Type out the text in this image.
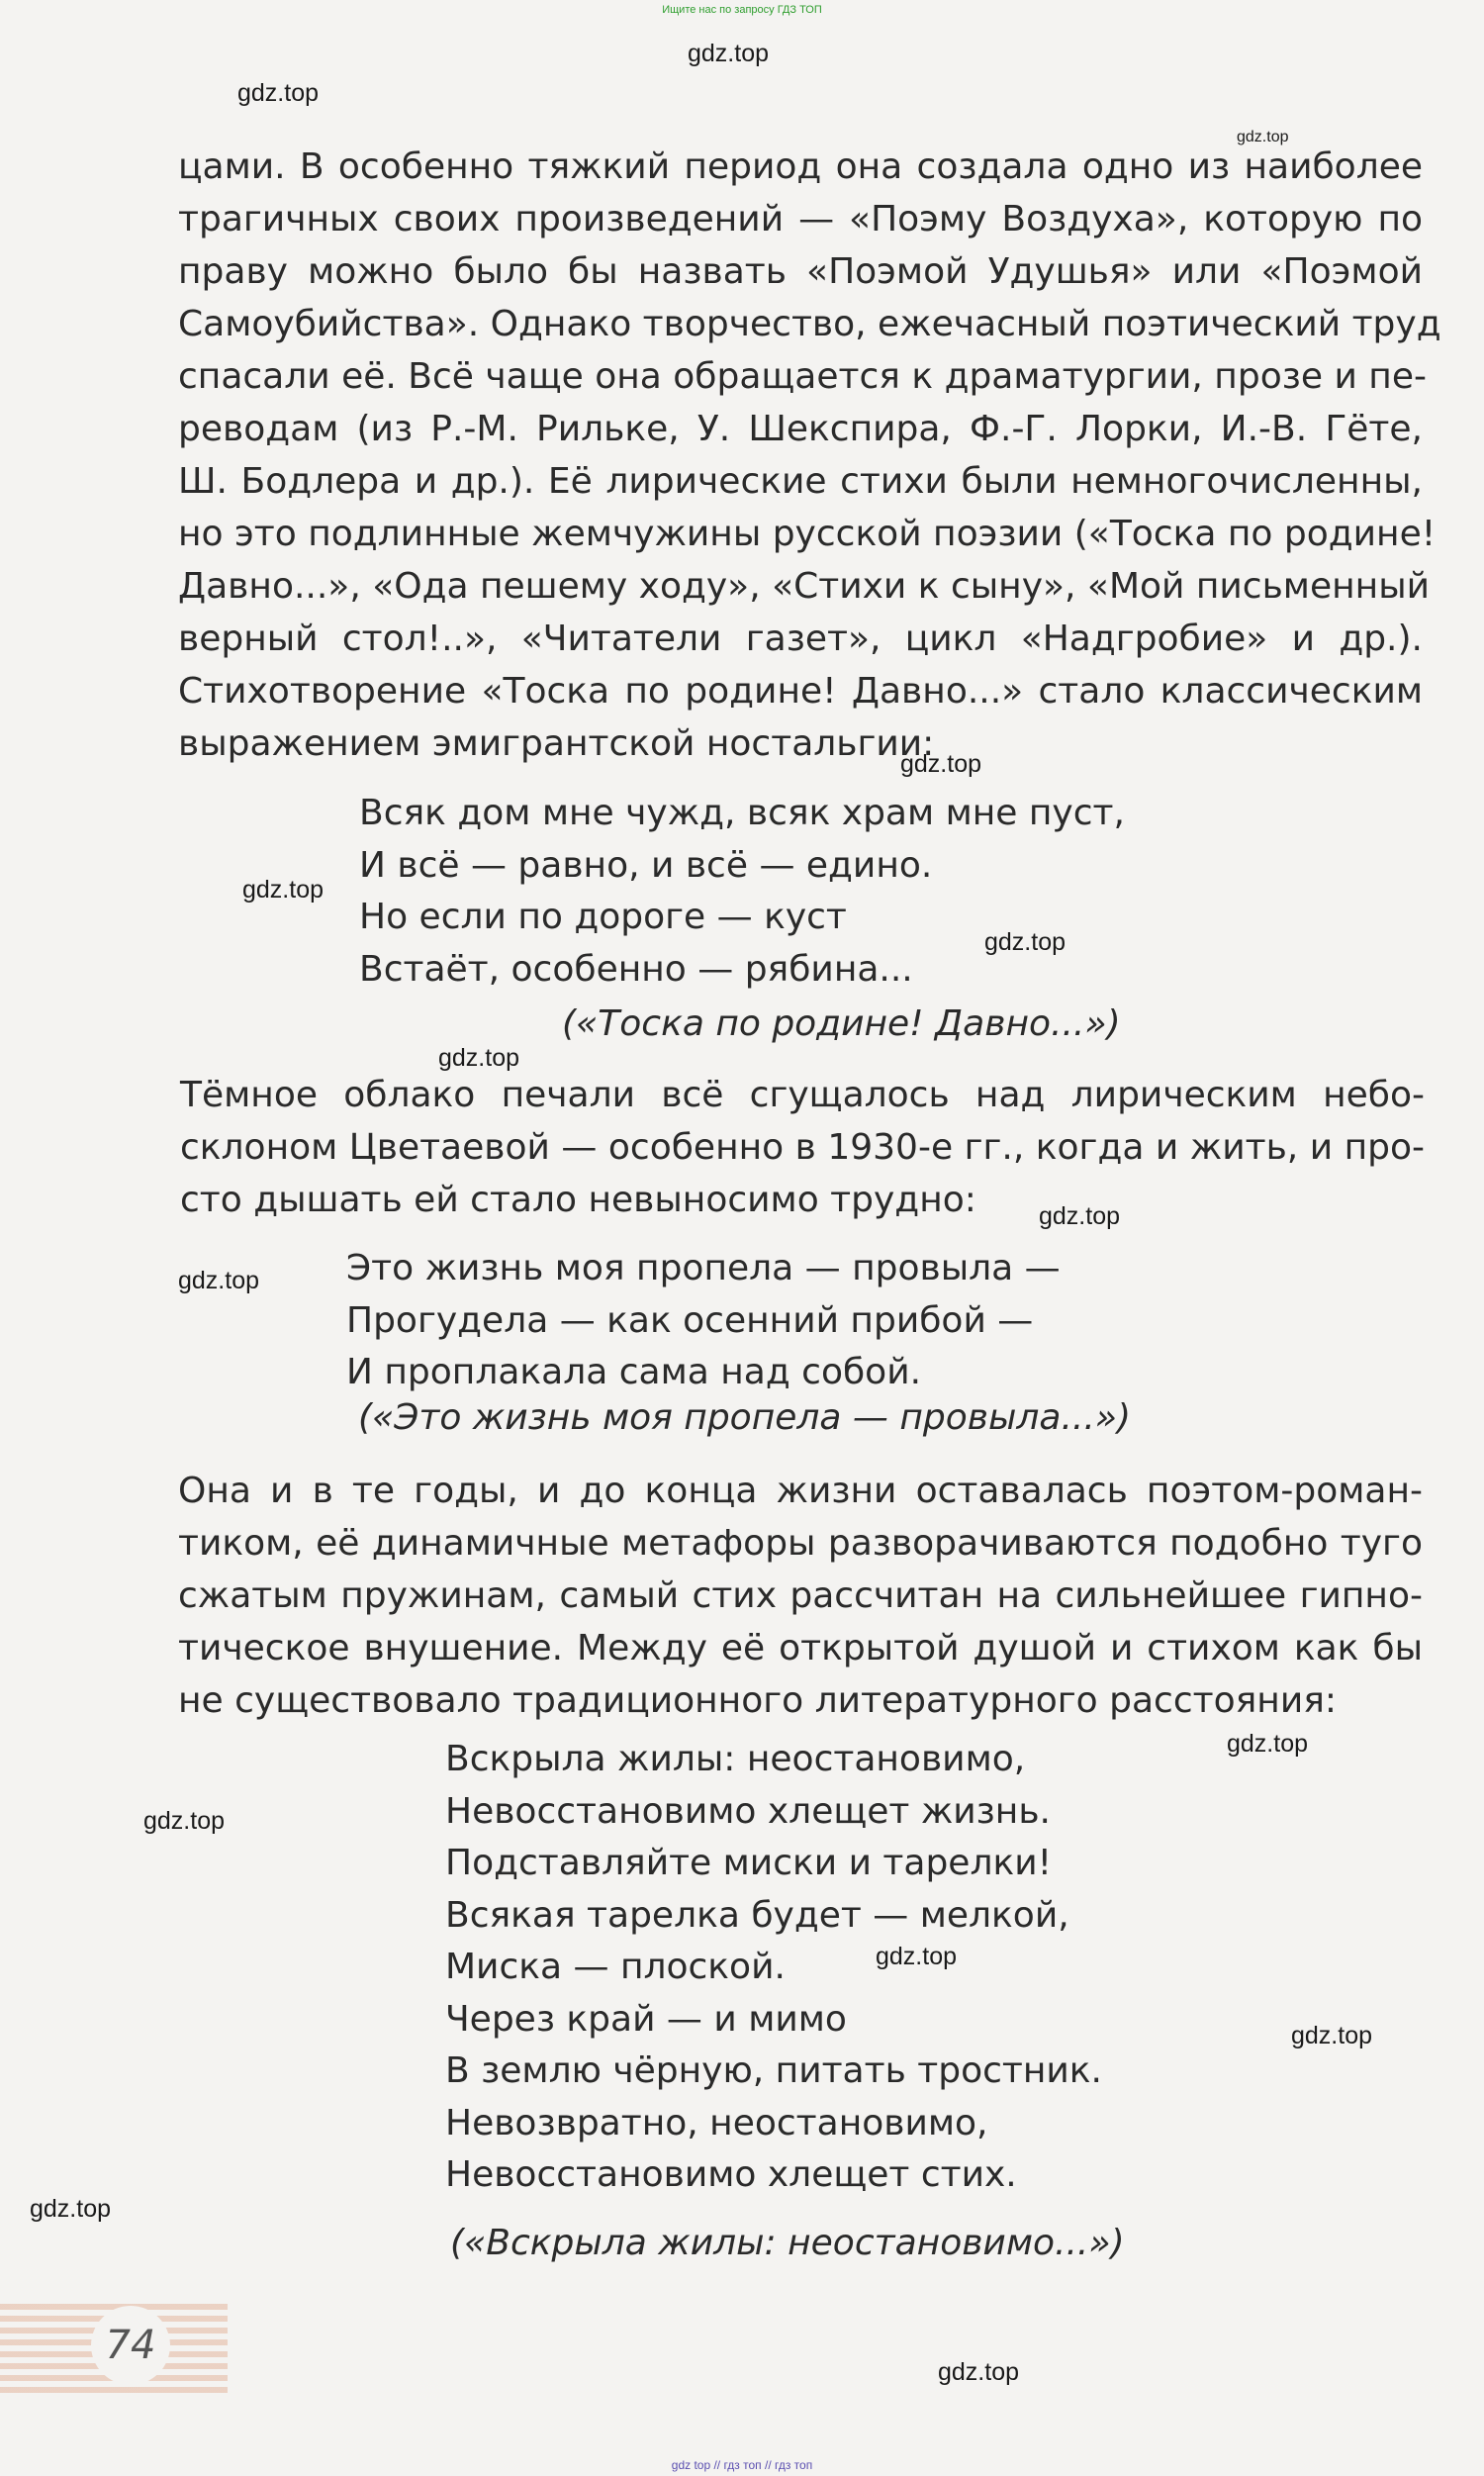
Ищите нас по запросу ГДЗ ТОП
gdz.top
gdz.top
gdz.top
gdz.top
gdz.top
gdz.top
gdz.top
gdz.top
gdz.top
gdz.top
gdz.top
gdz.top
gdz.top
gdz.top
gdz.top
цами. В особенно тяжкий период она создала одно из наиболее
трагичных своих произведений — «Поэму Воздуха», которую по
праву можно было бы назвать «Поэмой Удушья» или «Поэмой
Самоубийства». Однако творчество, ежечасный поэтический труд
спасали её. Всё чаще она обращается к драматургии, прозе и пе-
реводам (из Р.-М. Рильке, У. Шекспира, Ф.-Г. Лорки, И.-В. Гёте,
Ш. Бодлера и др.). Её лирические стихи были немногочисленны,
но это подлинные жемчужины русской поэзии («Тоска по родине!
Давно...», «Ода пешему ходу», «Стихи к сыну», «Мой письменный
верный стол!..», «Читатели газет», цикл «Надгробие» и др.).
Стихотворение «Тоска по родине! Давно...» стало классическим
выражением эмигрантской ностальгии:
Всяк дом мне чужд, всяк храм мне пуст,
И всё — равно, и всё — едино.
Но если по дороге — куст
Встаёт, особенно — рябина...

(«Тоска по родине! Давно...»)

Тёмное облако печали всё сгущалось над лирическим небо-
склоном Цветаевой — особенно в 1930-е гг., когда и жить, и про-
сто дышать ей стало невыносимо трудно:
Это жизнь моя пропела — провыла —
Прогудела — как осенний прибой —
И проплакала сама над собой.

(«Это жизнь моя пропела — провыла...»)

Она и в те годы, и до конца жизни оставалась поэтом-роман-
тиком, её динамичные метафоры разворачиваются подобно туго
сжатым пружинам, самый стих рассчитан на сильнейшее гипно-
тическое внушение. Между её открытой душой и стихом как бы
не существовало традиционного литературного расстояния:
Вскрыла жилы: неостановимо,
Невосстановимо хлещет жизнь.
Подставляйте миски и тарелки!
Всякая тарелка будет — мелкой,
Миска — плоской.
Через край — и мимо
В землю чёрную, питать тростник.
Невозвратно, неостановимо,
Невосстановимо хлещет стих.

(«Вскрыла жилы: неостановимо...»)

74
gdz top // гдз топ // гдз топ
